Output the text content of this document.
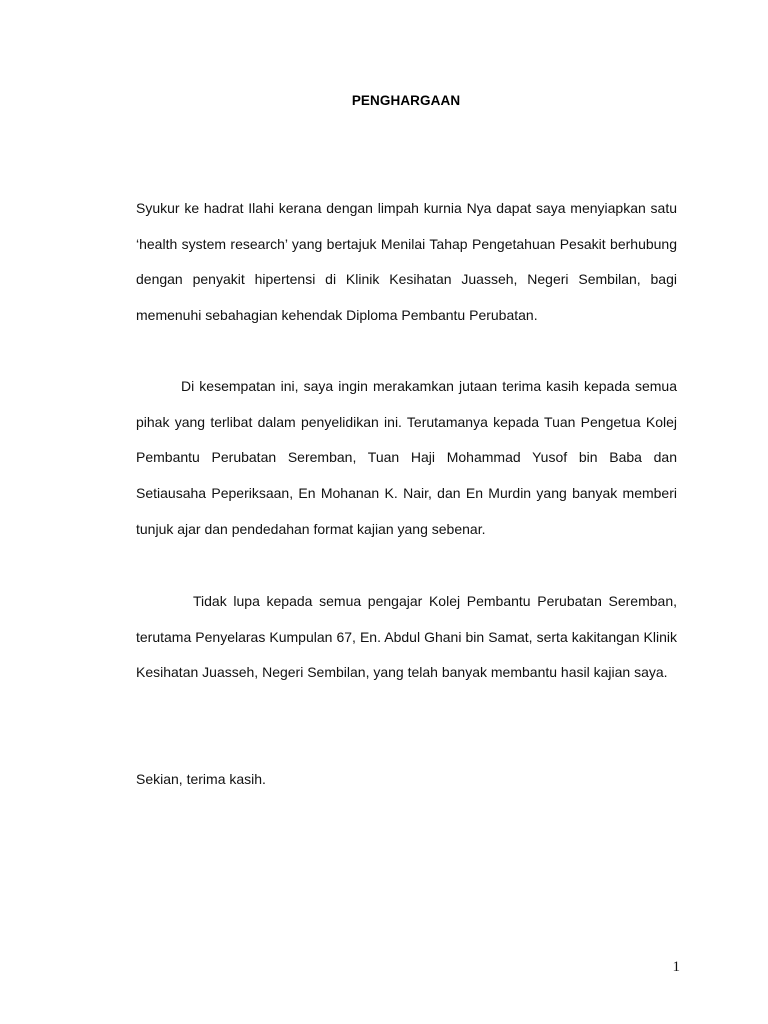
PENGHARGAAN

Syukur ke hadrat Ilahi kerana dengan limpah kurnia Nya dapat saya menyiapkan satu ‘health system research’ yang bertajuk Menilai Tahap Pengetahuan Pesakit berhubung dengan penyakit hipertensi di Klinik Kesihatan Juasseh, Negeri Sembilan, bagi memenuhi sebahagian kehendak Diploma Pembantu Perubatan.

Di kesempatan ini, saya ingin merakamkan jutaan terima kasih kepada semua pihak yang terlibat dalam penyelidikan ini. Terutamanya kepada Tuan Pengetua Kolej Pembantu Perubatan Seremban, Tuan Haji Mohammad Yusof bin Baba dan Setiausaha Peperiksaan, En Mohanan K. Nair, dan En Murdin yang banyak memberi tunjuk ajar dan pendedahan format kajian yang sebenar.

Tidak lupa kepada semua pengajar Kolej Pembantu Perubatan Seremban, terutama Penyelaras Kumpulan 67, En. Abdul Ghani bin Samat, serta kakitangan Klinik Kesihatan Juasseh, Negeri Sembilan, yang telah banyak membantu hasil kajian saya.

Sekian, terima kasih.

1
